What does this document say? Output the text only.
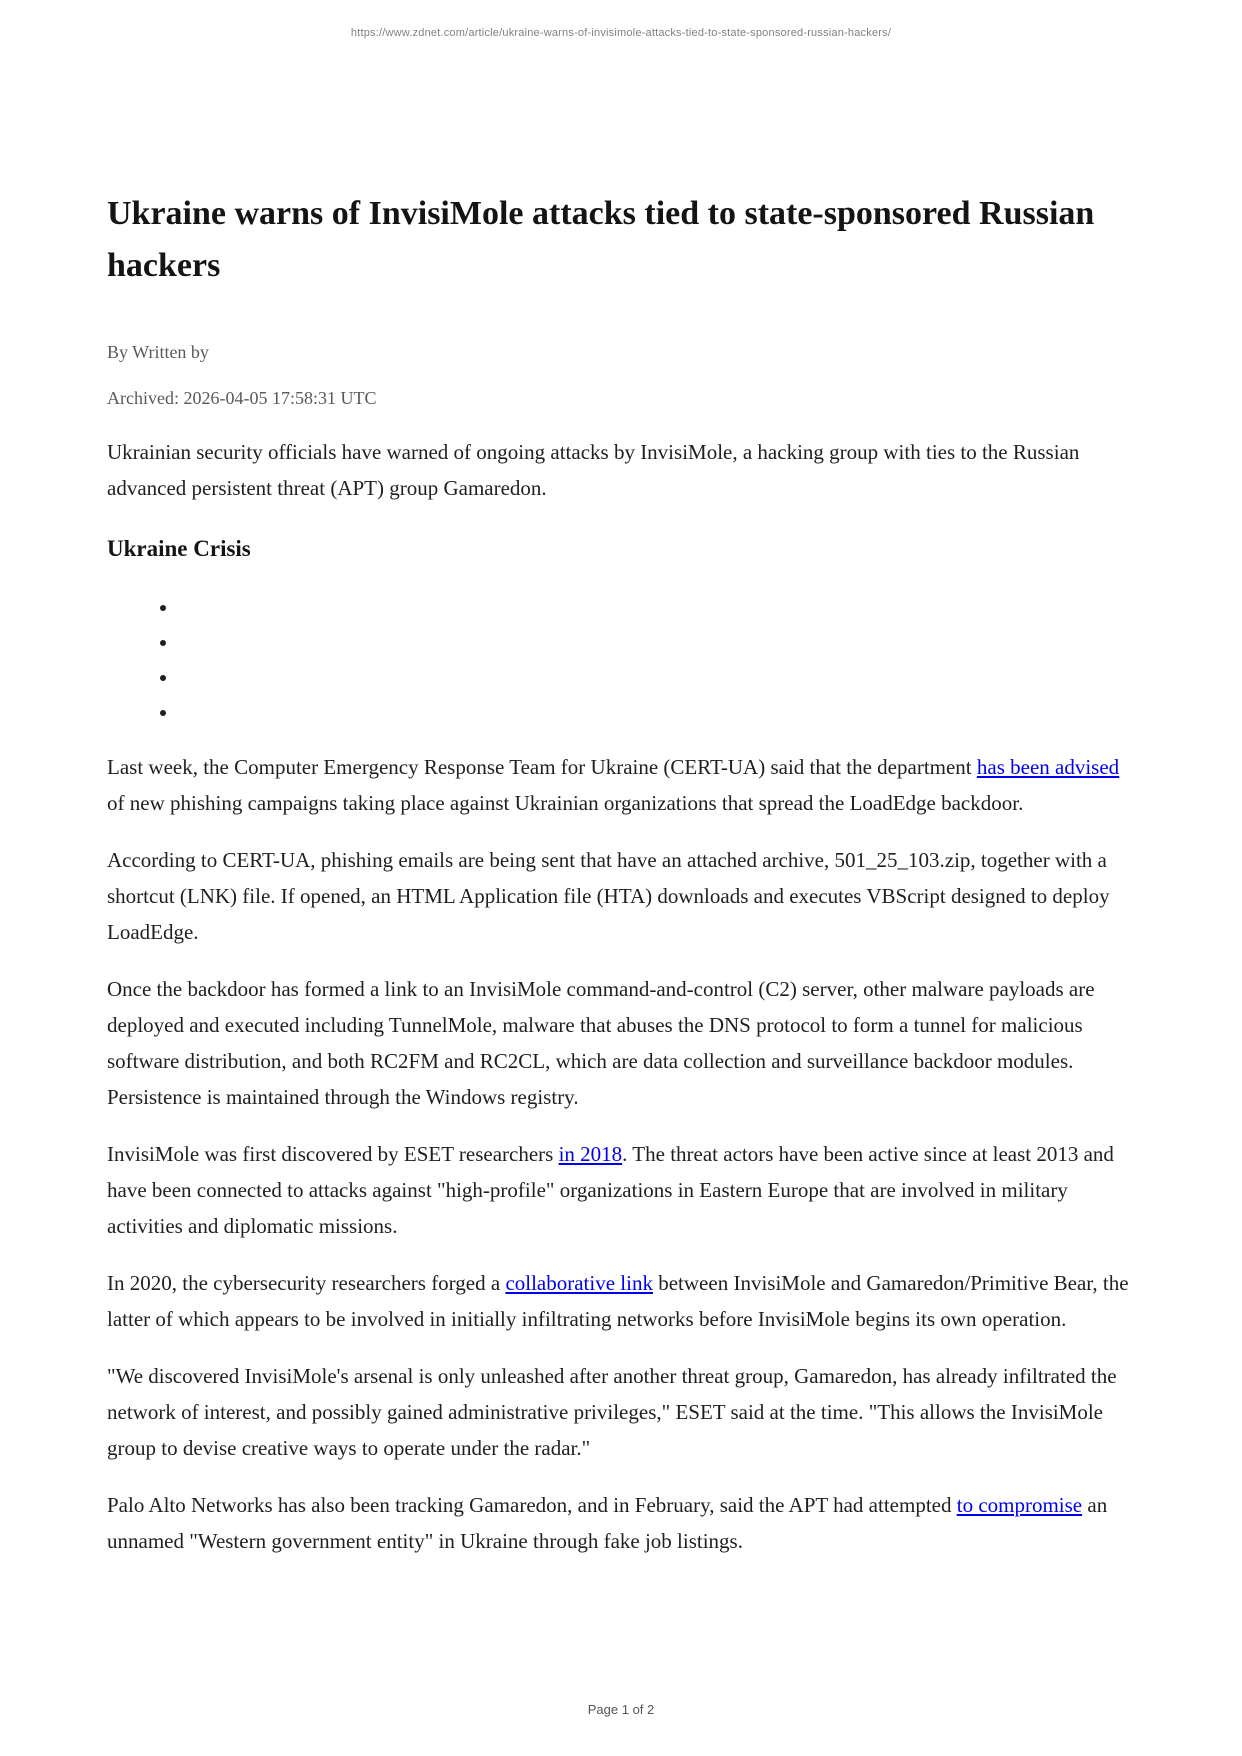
https://www.zdnet.com/article/ukraine-warns-of-invisimole-attacks-tied-to-state-sponsored-russian-hackers/
Ukraine warns of InvisiMole attacks tied to state-sponsored Russian hackers
By Written by
Archived: 2026-04-05 17:58:31 UTC

Ukrainian security officials have warned of ongoing attacks by InvisiMole, a hacking group with ties to the Russian advanced persistent threat (APT) group Gamaredon.

Ukraine Crisis
•
•
•
•

Last week, the Computer Emergency Response Team for Ukraine (CERT-UA) said that the department has been advised of new phishing campaigns taking place against Ukrainian organizations that spread the LoadEdge backdoor.

According to CERT-UA, phishing emails are being sent that have an attached archive, 501_25_103.zip, together with a shortcut (LNK) file. If opened, an HTML Application file (HTA) downloads and executes VBScript designed to deploy LoadEdge.

Once the backdoor has formed a link to an InvisiMole command-and-control (C2) server, other malware payloads are deployed and executed including TunnelMole, malware that abuses the DNS protocol to form a tunnel for malicious software distribution, and both RC2FM and RC2CL, which are data collection and surveillance backdoor modules. Persistence is maintained through the Windows registry.

InvisiMole was first discovered by ESET researchers in 2018. The threat actors have been active since at least 2013 and have been connected to attacks against "high-profile" organizations in Eastern Europe that are involved in military activities and diplomatic missions.

In 2020, the cybersecurity researchers forged a collaborative link between InvisiMole and Gamaredon/Primitive Bear, the latter of which appears to be involved in initially infiltrating networks before InvisiMole begins its own operation.

"We discovered InvisiMole's arsenal is only unleashed after another threat group, Gamaredon, has already infiltrated the network of interest, and possibly gained administrative privileges," ESET said at the time. "This allows the InvisiMole group to devise creative ways to operate under the radar."

Palo Alto Networks has also been tracking Gamaredon, and in February, said the APT had attempted to compromise an unnamed "Western government entity" in Ukraine through fake job listings.

Page 1 of 2
